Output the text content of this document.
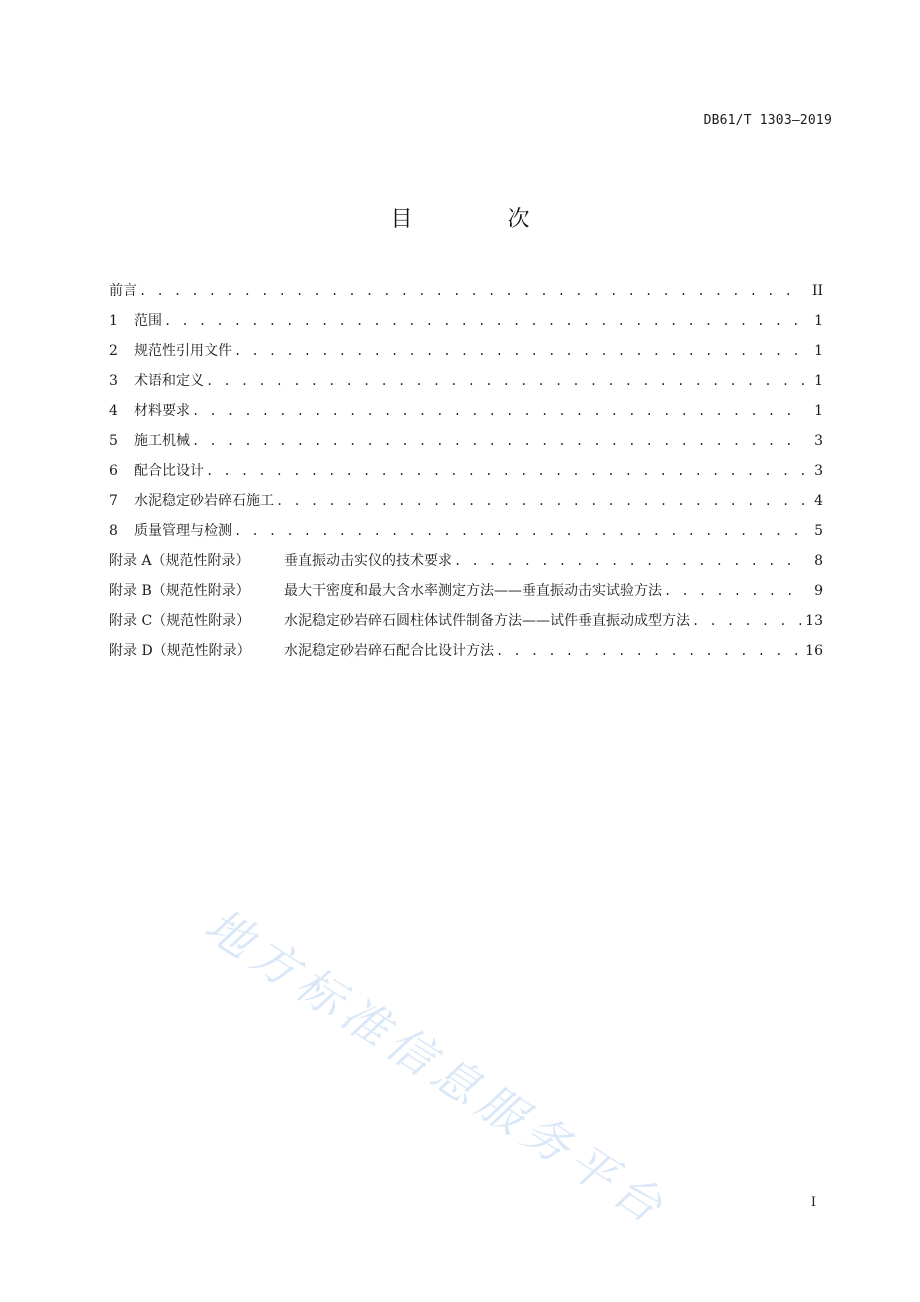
DB61/T 1303—2019
目 次
前言 . . .	II
1	范围 . . .	1
2	规范性引用文件 . . .	1
3	术语和定义 . . .	1
4	材料要求 . . .	1
5	施工机械 . . .	3
6	配合比设计 . . .	3
7	水泥稳定砂岩碎石施工 . . .	4
8	质量管理与检测 . . .	5
附录 A（规范性附录）	垂直振动击实仪的技术要求 . . .	8
附录 B（规范性附录）	最大干密度和最大含水率测定方法——垂直振动击实试验方法 . . .	9
附录 C（规范性附录）	水泥稳定砂岩碎石圆柱体试件制备方法——试件垂直振动成型方法 . . .	13
附录 D（规范性附录）	水泥稳定砂岩碎石配合比设计方法 . . .	16
地方标准信息服务平台	I
